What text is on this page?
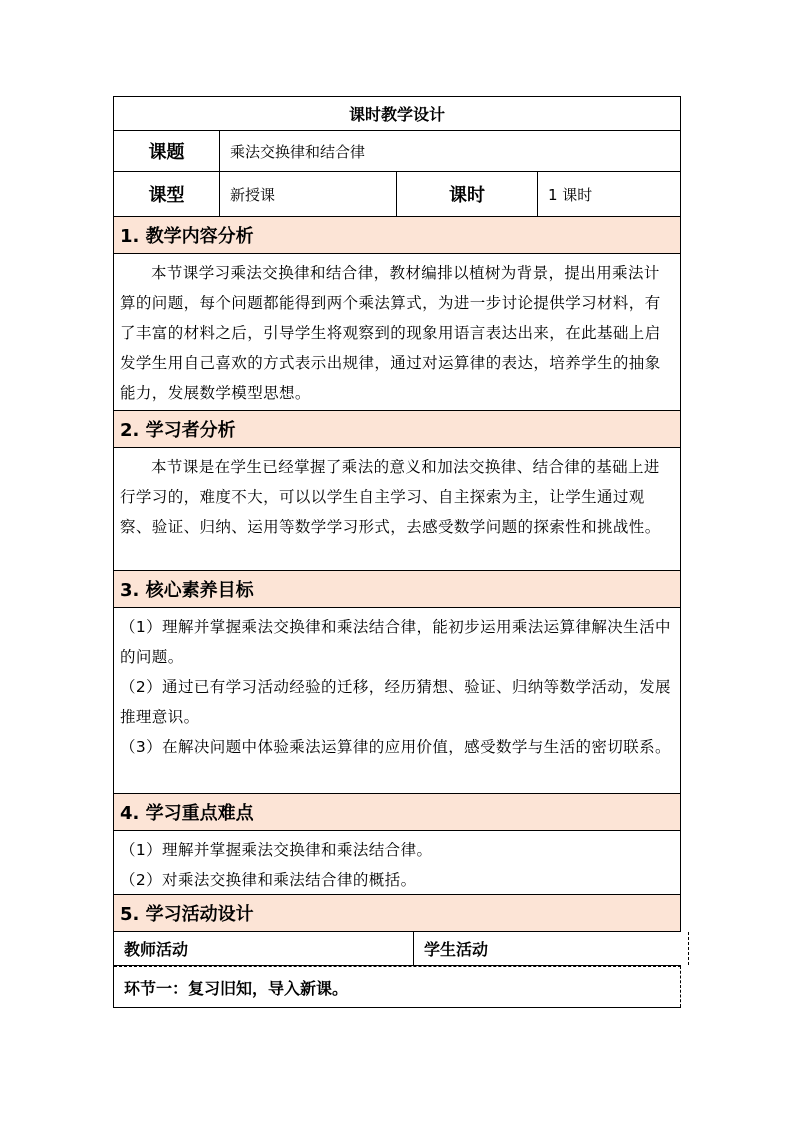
课时教学设计
课题	乘法交换律和结合律
课型	新授课	课时	1 课时
1. 教学内容分析

本节课学习乘法交换律和结合律，教材编排以植树为背景，提出用乘法计算的问题，每个问题都能得到两个乘法算式，为进一步讨论提供学习材料，有了丰富的材料之后，引导学生将观察到的现象用语言表达出来，在此基础上启发学生用自己喜欢的方式表示出规律，通过对运算律的表达，培养学生的抽象能力，发展数学模型思想。

2. 学习者分析

本节课是在学生已经掌握了乘法的意义和加法交换律、结合律的基础上进行学习的，难度不大，可以以学生自主学习、自主探索为主，让学生通过观察、验证、归纳、运用等数学学习形式，去感受数学问题的探索性和挑战性。

3. 核心素养目标

（1）理解并掌握乘法交换律和乘法结合律，能初步运用乘法运算律解决生活中的问题。

（2）通过已有学习活动经验的迁移，经历猜想、验证、归纳等数学活动，发展推理意识。

（3）在解决问题中体验乘法运算律的应用价值，感受数学与生活的密切联系。

4. 学习重点难点

（1）理解并掌握乘法交换律和乘法结合律。

（2）对乘法交换律和乘法结合律的概括。

5. 学习活动设计
教师活动	学生活动
环节一：复习旧知，导入新课。
